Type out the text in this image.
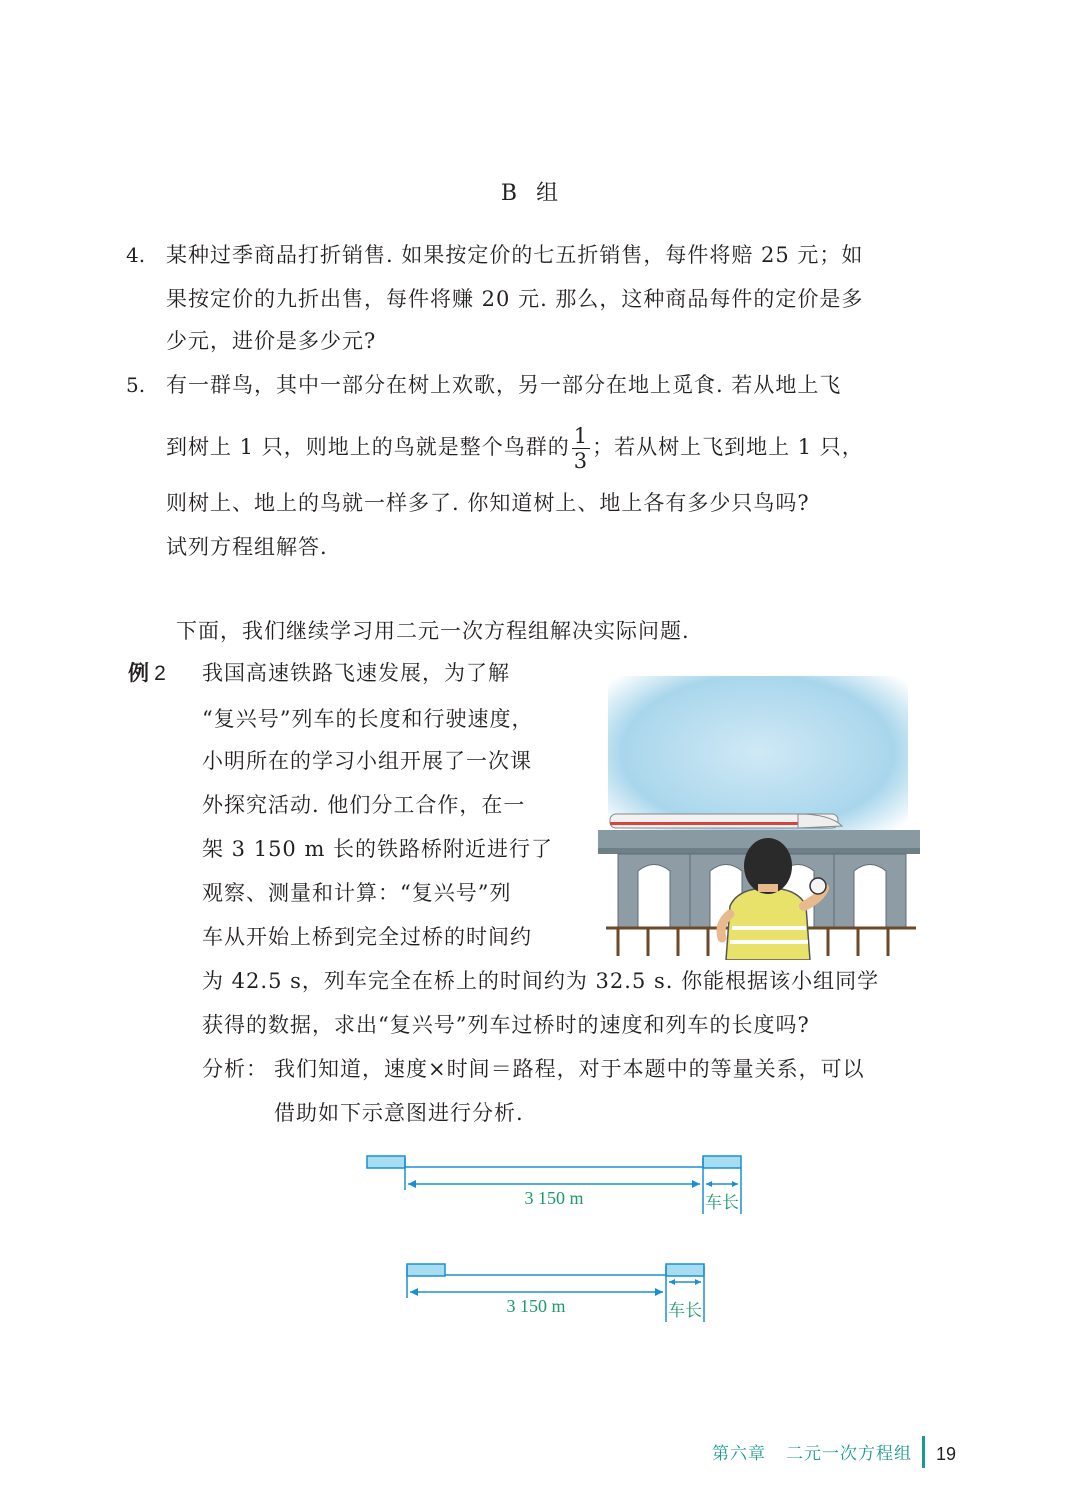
B 组
4. 某种过季商品打折销售. 如果按定价的七五折销售，每件将赔 25 元；如
果按定价的九折出售，每件将赚 20 元. 那么，这种商品每件的定价是多
少元，进价是多少元?
5. 有一群鸟，其中一部分在树上欢歌，另一部分在地上觅食. 若从地上飞
到树上 1 只，则地上的鸟就是整个鸟群的 $\frac{1}{3}$ ；若从树上飞到地上 1 只，
则树上、地上的鸟就一样多了. 你知道树上、地上各有多少只鸟吗?
试列方程组解答.
下面，我们继续学习用二元一次方程组解决实际问题.
例 2 我国高速铁路飞速发展，为了解
“复兴号”列车的长度和行驶速度，
小明所在的学习小组开展了一次课
外探究活动. 他们分工合作，在一
架 3 150 m 长的铁路桥附近进行了
观察、测量和计算：“复兴号”列
车从开始上桥到完全过桥的时间约
为 42.5 s，列车完全在桥上的时间约为 32.5 s. 你能根据该小组同学
获得的数据，求出“复兴号”列车过桥时的速度和列车的长度吗?
分析： 我们知道，速度×时间＝路程，对于本题中的等量关系，可以
借助如下示意图进行分析.
3 150 m	车长
3 150 m	车长
第六章 二元一次方程组 19
